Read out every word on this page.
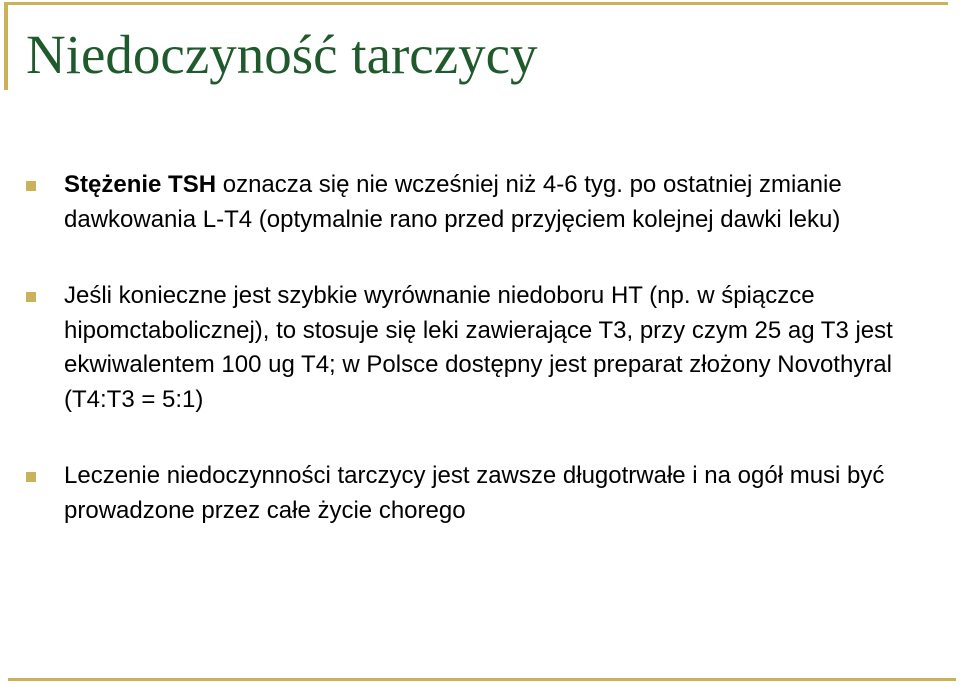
Niedoczyność tarczycy
Stężenie TSH oznacza się nie wcześniej niż 4-6 tyg. po ostatniej zmianie dawkowania L-T4 (optymalnie rano przed przyjęciem kolejnej dawki leku)
Jeśli konieczne jest szybkie wyrównanie niedoboru HT (np. w śpiączce hipomctabolicznej), to stosuje się leki zawierające T3, przy czym 25 ag T3 jest ekwiwalentem 100 ug T4; w Polsce dostępny jest preparat złożony Novothyral (T4:T3 = 5:1)
Leczenie niedoczynności tarczycy jest zawsze długotrwałe i na ogół musi być prowadzone przez całe życie chorego
